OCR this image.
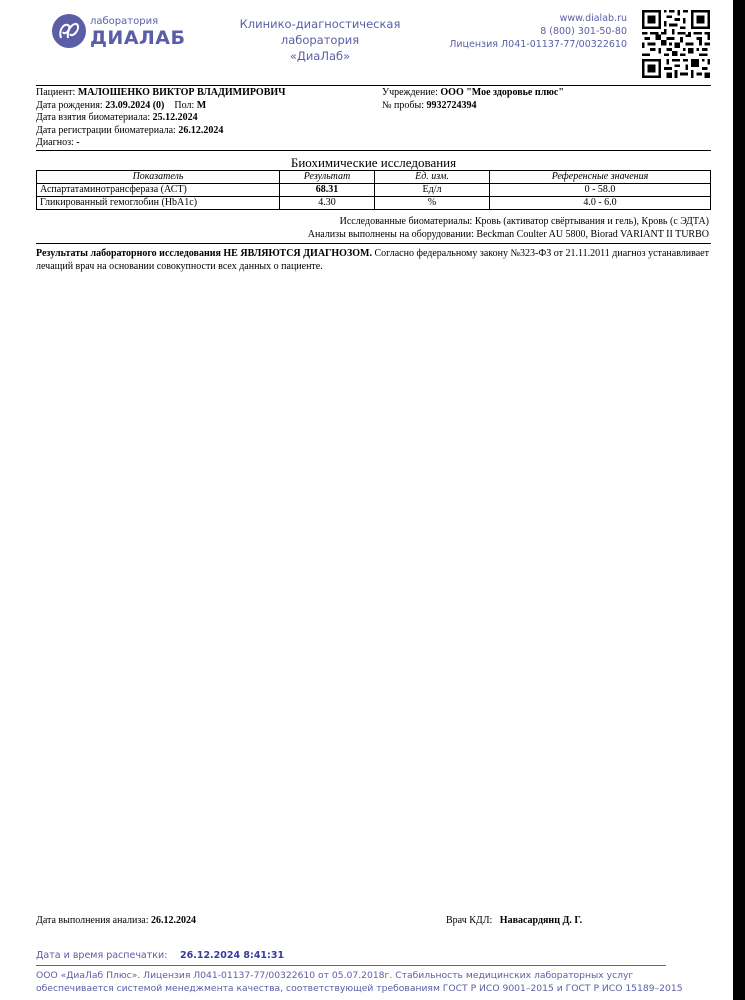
лаборатория
ДИАЛАБ
Клинико-диагностическая лаборатория
«ДиаЛаб»
www.dialab.ru
8 (800) 301-50-80
Лицензия Л041-01137-77/00322610
Пациент: МАЛОШЕНКО ВИКТОР ВЛАДИМИРОВИЧ
Дата рождения: 23.09.2024 (0) Пол: М
Дата взятия биоматериала: 25.12.2024
Дата регистрации биоматериала: 26.12.2024
Диагноз: -
Учреждение: ООО "Мое здоровье плюс"
№ пробы: 9932724394
Биохимические исследования
Показатель	Результат	Ед. изм.	Референсные значения
Аспартатаминотрансфераза (АСТ)	68.31	Ед/л	0 - 58.0
Гликированный гемоглобин (HbA1c)	4.30	%	4.0 - 6.0
Исследованные биоматериалы: Кровь (активатор свёртывания и гель), Кровь (с ЭДТА)
Анализы выполнены на оборудовании: Beckman Coulter AU 5800, Biorad VARIANT II TURBO
Результаты лабораторного исследования НЕ ЯВЛЯЮТСЯ ДИАГНОЗОМ. Согласно федеральному закону №323-ФЗ от 21.11.2011 диагноз устанавливает лечащий врач на основании совокупности всех данных о пациенте.
Дата выполнения анализа: 26.12.2024	Врач КДЛ: Навасардянц Д. Г.
Дата и время распечатки: 26.12.2024 8:41:31
ООО «ДиаЛаб Плюс». Лицензия Л041-01137-77/00322610 от 05.07.2018г. Стабильность медицинских лабораторных услуг
обеспечивается системой менеджмента качества, соответствующей требованиям ГОСТ Р ИСО 9001–2015 и ГОСТ Р ИСО 15189–2015
